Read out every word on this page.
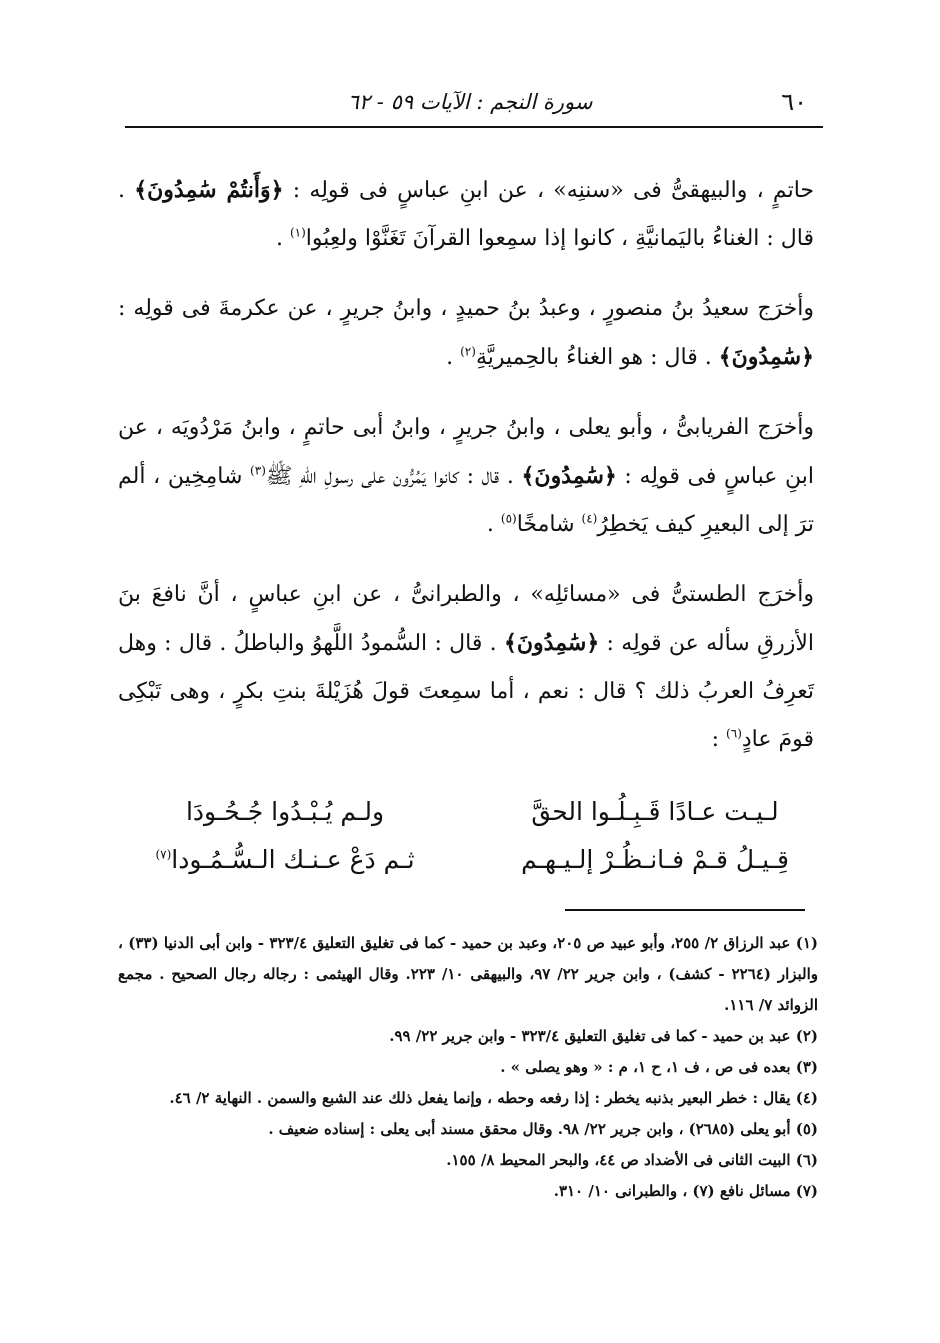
٦٠
سورة النجم : الآيات ٥٩ - ٦٢

حاتمٍ ، والبيهقىُّ فى «سننِه» ، عن ابنِ عباسٍ فى قولِه : ﴿وَأَنتُمْ سَٰمِدُونَ﴾ . قال : الغناءُ باليَمانيَّةِ ، كانوا إذا سمِعوا القرآنَ تَغَنَّوْا ولعِبُوا$^{(١)}$ .

وأخرَج سعيدُ بنُ منصورٍ ، وعبدُ بنُ حميدٍ ، وابنُ جريرٍ ، عن عكرمةَ فى قولِه : ﴿سَٰمِدُونَ﴾ . قال : هو الغناءُ بالحِميريَّةِ$^{(٢)}$ .

وأخرَج الفريابىُّ ، وأبو يعلى ، وابنُ جريرٍ ، وابنُ أبى حاتمٍ ، وابنُ مَرْدُويَه ، عن ابنِ عباسٍ فى قولِه : ﴿سَٰمِدُونَ﴾ . قال : كانوا يَمُرُّون على رسولِ اللهِ ﷺ$^{(٣)}$ شامِخِين ، ألم ترَ إلى البعيرِ كيف يَخطِرُ$^{(٤)}$ شامخًا$^{(٥)}$ .

وأخرَج الطستىُّ فى «مسائلِه» ، والطبرانىُّ ، عن ابنِ عباسٍ ، أنَّ نافعَ بنَ الأزرقِ سأله عن قولِه : ﴿سَٰمِدُونَ﴾ . قال : السُّمودُ اللَّهوُ والباطلُ . قال : وهل تَعرِفُ العربُ ذلك ؟ قال : نعم ، أما سمِعتَ قولَ هُزَيْلةَ بنتِ بكرٍ ، وهى تَبْكِى قومَ عادٍ$^{(٦)}$ :

لـيـت عـادًا قَـبِـلُـوا الحقَّ
ولـم يُـبْـدُوا جُـحُـودَا
قِـيـلُ قـمْ فـانـظُـرْ إلـيـهـم
ثـم دَعْ عـنـك الـسُّـمُـودا$^{(٧)}$

(١) عبد الرزاق ٢/ ٢٥٥، وأبو عبيد ص ٢٠٥، وعبد بن حميد - كما فى تغليق التعليق ٣٢٣/٤ - وابن أبى الدنيا (٣٣) ، والبزار (٢٢٦٤ - كشف) ، وابن جرير ٢٢/ ٩٧، والبيهقى ١٠/ ٢٢٣. وقال الهيثمى : رجاله رجال الصحيح . مجمع الزوائد ٧/ ١١٦.

(٢) عبد بن حميد - كما فى تغليق التعليق ٣٢٣/٤ - وابن جرير ٢٢/ ٩٩.

(٣) بعده فى ص ، ف ١، ح ١، م : « وهو يصلى » .

(٤) يقال : خطر البعير بذنبه يخطر : إذا رفعه وحطه ، وإنما يفعل ذلك عند الشبع والسمن . النهاية ٢/ ٤٦.

(٥) أبو يعلى (٢٦٨٥) ، وابن جرير ٢٢/ ٩٨. وقال محقق مسند أبى يعلى : إسناده ضعيف .

(٦) البيت الثانى فى الأضداد ص ٤٤، والبحر المحيط ٨/ ١٥٥.

(٧) مسائل نافع (٧) ، والطبرانى ١٠/ ٣١٠.
